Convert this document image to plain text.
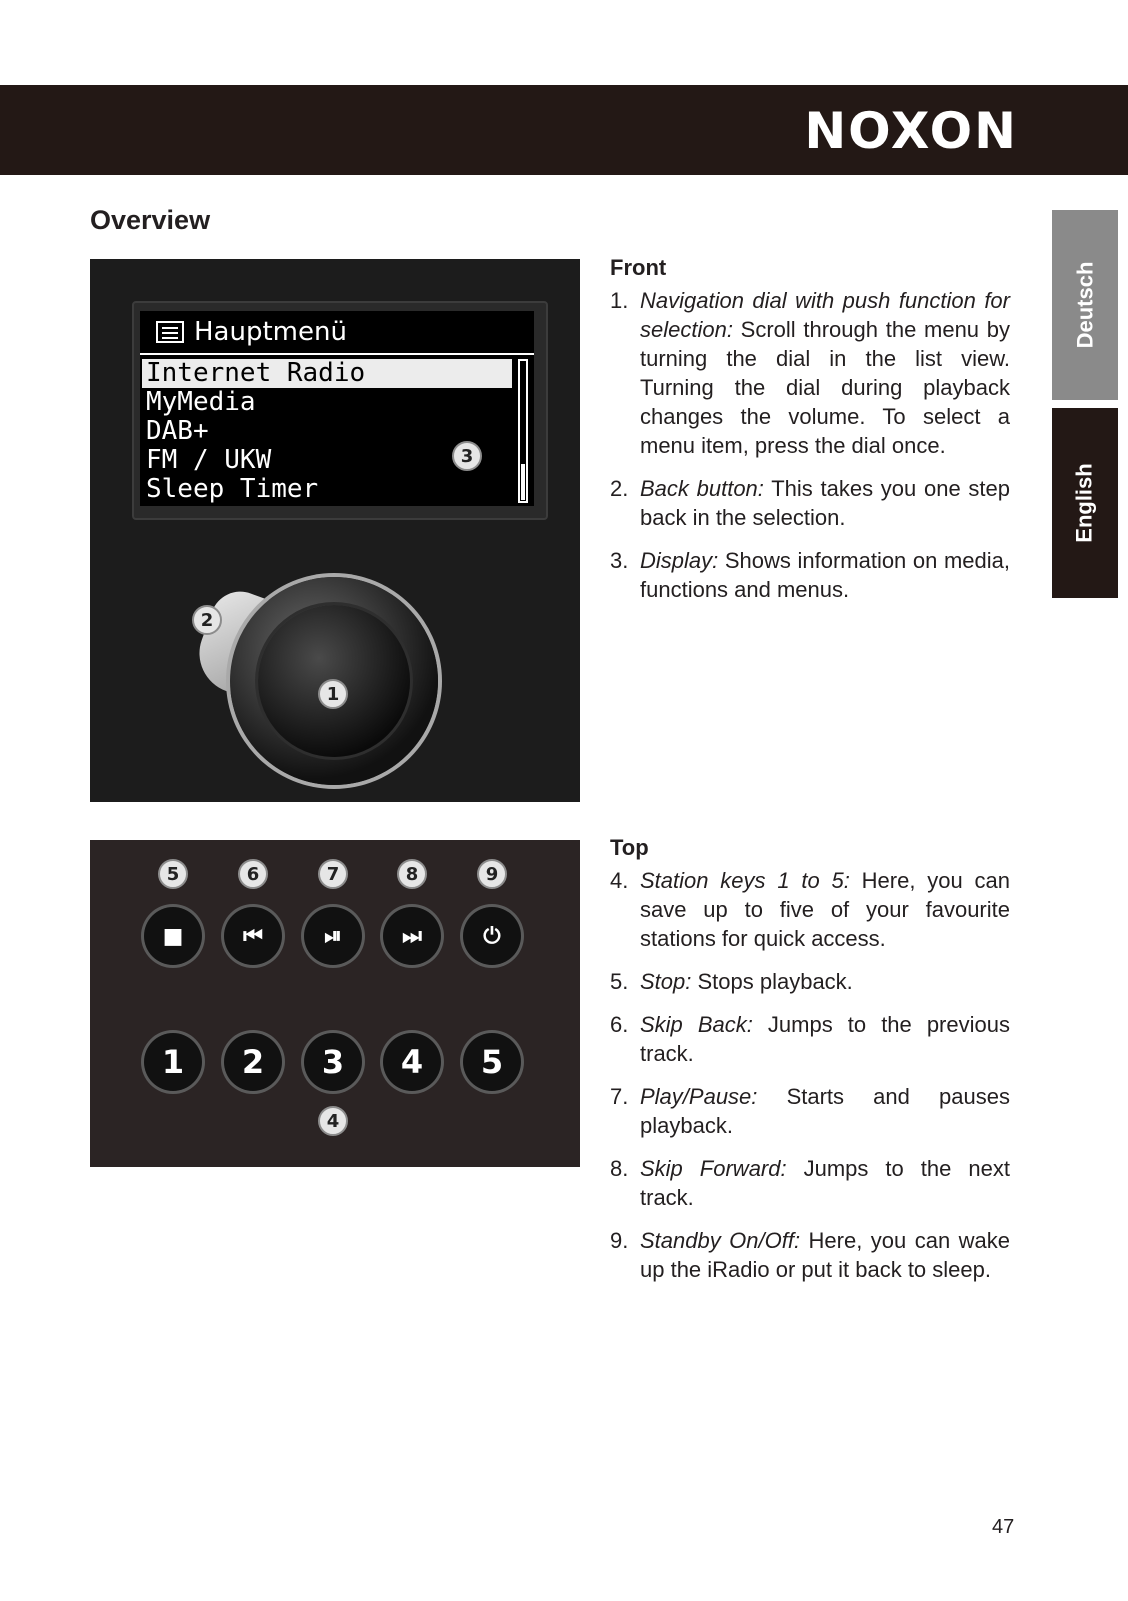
NOXON
Deutsch
English
Overview
Hauptmenü
Internet Radio
MyMedia
DAB+
FM / UKW
Sleep Timer
3
2
1
5	6	7	8	9
■	⏮	⏯	⏭	⏻
1	2	3	4	5
4
Front
1. Navigation dial with push function for selection: Scroll through the menu by turning the dial in the list view. Turning the dial during playback changes the volume. To select a menu item, press the dial once.
2. Back button: This takes you one step back in the selection.
3. Display: Shows information on media, functions and menus.
Top
4. Station keys 1 to 5: Here, you can save up to five of your favourite stations for quick access.
5. Stop: Stops playback.
6. Skip Back: Jumps to the previous track.
7. Play/Pause: Starts and pauses playback.
8. Skip Forward: Jumps to the next track.
9. Standby On/Off: Here, you can wake up the iRadio or put it back to sleep.
47
